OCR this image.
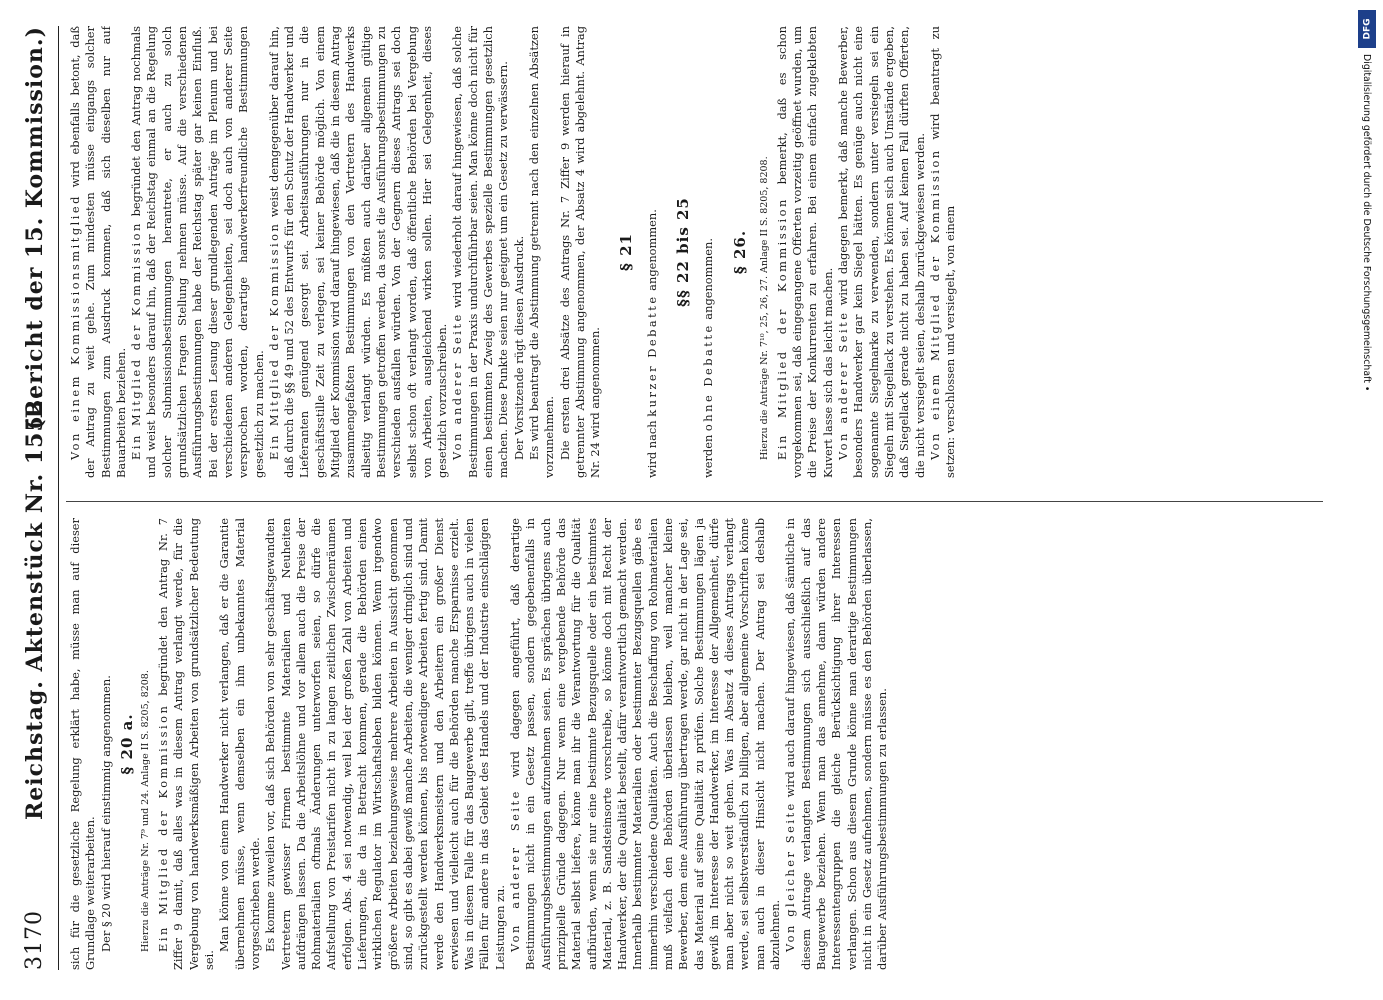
3170
Reichstag. Aktenstück Nr. 1552.
(Bericht der 15. Kommission.)

sich für die gesetzliche Regelung erklärt habe, müsse man auf dieser Grundlage weiterarbeiten. Der § 20 wird hierauf einstimmig angenommen. § 20 a. Hierzu die Anträge Nr. 7⁹ und 24. Anlage II S. 8205, 8208. Ein Mitglied der Kommission begründet den Antrag Nr. 7 Ziffer 9 damit, daß alles was in diesem Antrag verlangt werde, für die Vergebung von handwerksmäßigen Arbeiten von grundsätzlicher Bedeutung sei.

Man könne von einem Handwerker nicht verlangen, daß er die Garantie übernehmen müsse, wenn demselben ein ihm unbekanntes Material vorgeschrieben werde. Es komme zuweilen vor, daß sich Behörden von sehr geschäftsgewandten Vertretern gewisser Firmen bestimmte Materialien und Neuheiten aufdrängen lassen. Da die Arbeitslöhne und vor allem auch die Preise der Rohmaterialien oftmals Änderungen unterworfen seien, so dürfe die Aufstellung von Preistarifen nicht in zu langen zeitlichen Zwischenräumen erfolgen. Abs. 4 sei notwendig, weil bei der großen Zahl von Arbeiten und Lieferungen, die da in Betracht kommen, gerade die Behörden einen wirklichen Regulator im Wirtschaftsleben bilden können. Wenn irgendwo größere Arbeiten beziehungsweise mehrere Arbeiten in Aussicht genommen sind, so gibt es dabei gewiß manche Arbeiten, die weniger dringlich sind und zurückgestellt werden können, bis notwendigere Arbeiten fertig sind. Damit werde den Handwerksmeistern und den Arbeitern ein großer Dienst erwiesen und vielleicht auch für die Behörden manche Ersparnisse erzielt. Was in diesem Falle für das Baugewerbe gilt, treffe übrigens auch in vielen Fällen für andere in das Gebiet des Handels und der Industrie einschlägigen Leistungen zu. Von anderer Seite wird dagegen angeführt, daß derartige Bestimmungen nicht in ein Gesetz passen, sondern gegebenenfalls in Ausführungsbestimmungen aufzunehmen seien. Es sprächen übrigens auch prinzipielle Gründe dagegen. Nur wenn eine vergebende Behörde das Material selbst liefere, könne man ihr die Verantwortung für die Qualität aufbürden, wenn sie nur eine bestimmte Bezugsquelle oder ein bestimmtes Material, z. B. Sandsteinsorte vorschreibe, so könne doch mit Recht der Handwerker, der die Qualität bestellt, dafür verantwortlich gemacht werden. Innerhalb bestimmter Materialien oder bestimmter Bezugsquellen gäbe es immerhin verschiedene Qualitäten. Auch die Beschaffung von Rohmaterialien muß vielfach den Behörden überlassen bleiben, weil mancher kleine Bewerber, dem eine Ausführung übertragen werde, gar nicht in der Lage sei, das Material auf seine Qualität zu prüfen. Solche Bestimmungen lägen ja gewiß im Interesse der Handwerker, im Interesse der Allgemeinheit, dürfe man aber nicht so weit gehen. Was im Absatz 4 dieses Antrags verlangt werde, sei selbstverständlich zu billigen, aber allgemeine Vorschriften könne man auch in dieser Hinsicht nicht machen. Der Antrag sei deshalb abzulehnen. Von gleicher Seite wird auch darauf hingewiesen, daß sämtliche in diesem Antrage verlangten Bestimmungen sich ausschließlich auf das Baugewerbe beziehen. Wenn man das annehme, dann würden andere Interessentengruppen die gleiche Berücksichtigung ihrer Interessen verlangen. Schon aus diesem Grunde könne man derartige Bestimmungen nicht in ein Gesetz aufnehmen, sondern müsse es den Behörden überlassen, darüber Ausführungsbestimmungen zu erlassen.

Von einem Kommissionsmitglied wird ebenfalls betont, daß der Antrag zu weit gehe. Zum mindesten müsse eingangs solcher Bestimmungen zum Ausdruck kommen, daß sich dieselben nur auf Bauarbeiten beziehen. Ein Mitglied der Kommission begründet den Antrag nochmals und weist besonders darauf hin, daß der Reichstag einmal an die Regelung solcher Submissionsbestimmungen herantrete, er auch zu solch grundsätzlichen Fragen Stellung nehmen müsse. Auf die verschiedenen Ausführungsbestimmungen habe der Reichstag später gar keinen Einfluß. Bei der ersten Lesung dieser grundlegenden Anträge im Plenum und bei verschiedenen anderen Gelegenheiten, sei doch auch von anderer Seite versprochen worden, derartige handwerkerfreundliche Bestimmungen gesetzlich zu machen. Ein Mitglied der Kommission weist demgegenüber darauf hin, daß durch die §§ 49 und 52 des Entwurfs für den Schutz der Handwerker und Lieferanten genügend gesorgt sei. Arbeitsausführungen nur in die geschäftsstille Zeit zu verlegen, sei keiner Behörde möglich. Von einem Mitglied der Kommission wird darauf hingewiesen, daß die in diesem Antrag zusammengefaßten Bestimmungen von den Vertretern des Handwerks allseitig verlangt würden. Es müßten auch darüber allgemein gültige Bestimmungen getroffen werden, da sonst die Ausführungsbestimmungen zu verschieden ausfallen würden. Von der Gegnern dieses Antrags sei doch selbst schon oft verlangt worden, daß öffentliche Behörden bei Vergebung von Arbeiten, ausgleichend wirken sollen. Hier sei Gelegenheit, dieses gesetzlich vorzuschreiben. Von anderer Seite wird wiederholt darauf hingewiesen, daß solche Bestimmungen in der Praxis undurchführbar seien. Man könne doch nicht für einen bestimmten Zweig des Gewerbes spezielle Bestimmungen gesetzlich machen. Diese Punkte seien nur geeignet um ein Gesetz zu verwässern. Der Vorsitzende rügt diesen Ausdruck. Es wird beantragt die Abstimmung getrennt nach den einzelnen Absätzen vorzunehmen. Die ersten drei Absätze des Antrags Nr. 7 Ziffer 9 werden hierauf in getrennter Abstimmung angenommen, der Absatz 4 wird abgelehnt. Antrag Nr. 24 wird angenommen.

§ 21

wird nach kurzer Debatte angenommen. §§ 22 bis 25

werden ohne Debatte angenommen. § 26. Hierzu die Anträge Nr. 7¹⁰, 25, 26, 27. Anlage II S. 8205, 8208. Ein Mitglied der Kommission bemerkt, daß es schon vorgekommen sei, daß eingegangene Offerten vorzeitig geöffnet wurden, um die Preise der Konkurrenten zu erfahren. Bei einem einfach zugeklebten Kuvert lasse sich das leicht machen. Von anderer Seite wird dagegen bemerkt, daß manche Bewerber, besonders Handwerker gar kein Siegel hätten. Es genüge auch nicht eine sogenannte Siegelmarke zu verwenden, sondern unter versiegeln sei ein Siegeln mit Siegellack zu verstehen. Es können sich auch Umstände ergeben, daß Siegellack gerade nicht zu haben sei. Auf keinen Fall dürften Offerten, die nicht versiegelt seien, deshalb zurückgewiesen werden. Von einem Mitglied der Kommission wird beantragt zu setzen: verschlossen und versiegelt, von einem

DFG
Digitalisierung gefördert durch die Deutsche Forschungsgemeinschaft •
